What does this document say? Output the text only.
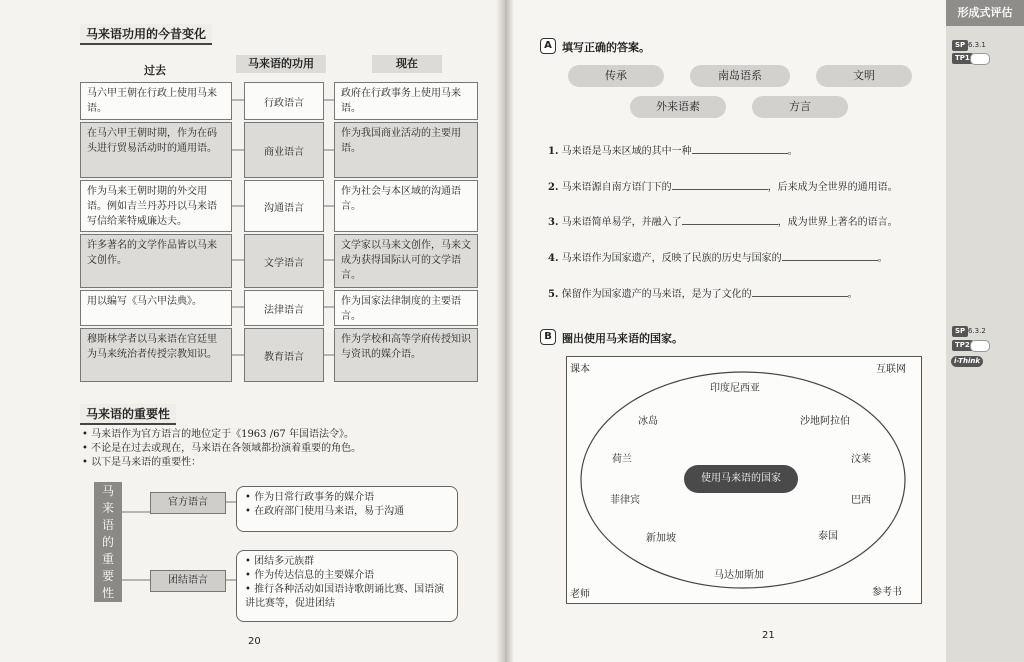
马来语功用的今昔变化
过去
马来语的功用	现在
马六甲王朝在行政上使用马来语。	行政语言
政府在行政事务上使用马来语。
在马六甲王朝时期，作为在码头进行贸易活动时的通用语。	商业语言
作为我国商业活动的主要用语。
作为马来王朝时期的外交用语。例如吉兰丹苏丹以马来语写信给莱特威廉达夫。
沟通语言
作为社会与本区域的沟通语言。
许多著名的文学作品皆以马来文创作。	文学语言
文学家以马来文创作，马来文成为获得国际认可的文学语言。
用以编写《马六甲法典》。
法律语言
作为国家法律制度的主要语言。
穆斯林学者以马来语在宫廷里为马来统治者传授宗教知识。	教育语言
作为学校和高等学府传授知识与资讯的媒介语。
马来语的重要性
• 马来语作为官方语言的地位定于《1963 /67 年国语法令》。
• 不论是在过去或现在，马来语在各领域都扮演着重要的角色。
• 以下是马来语的重要性：
马
来
语
的
重
要
性
官方语言
•	作为日常行政事务的媒介语
• 在政府部门使用马来语，易于沟通
团结语言
• 团结多元族群
• 作为传达信息的主要媒介语
• 推行各种活动如国语诗歌朗诵比赛、国语演讲比赛等，促进团结
20
形成式评估
SP 6.3.1
TP1
SP 6.3.2
TP2
i-Think
A 填写正确的答案。
传承	南岛语系	文明
外来语素	方言
1. 马来语是马来区域的其中一种	。
2. 马来语源自南方语门下的	，后来成为全世界的通用语。
3. 马来语简单易学，并融入了	，成为世界上著名的语言。
4. 马来语作为国家遗产，反映了民族的历史与国家的	。
5. 保留作为国家遗产的马来语，是为了文化的	。
B 圈出使用马来语的国家。
课本	互联网
老师	参考书
印度尼西亚
冰岛	沙地阿拉伯
荷兰	汶莱
菲律宾	巴西
新加坡	泰国
马达加斯加
使用马来语的国家
21
